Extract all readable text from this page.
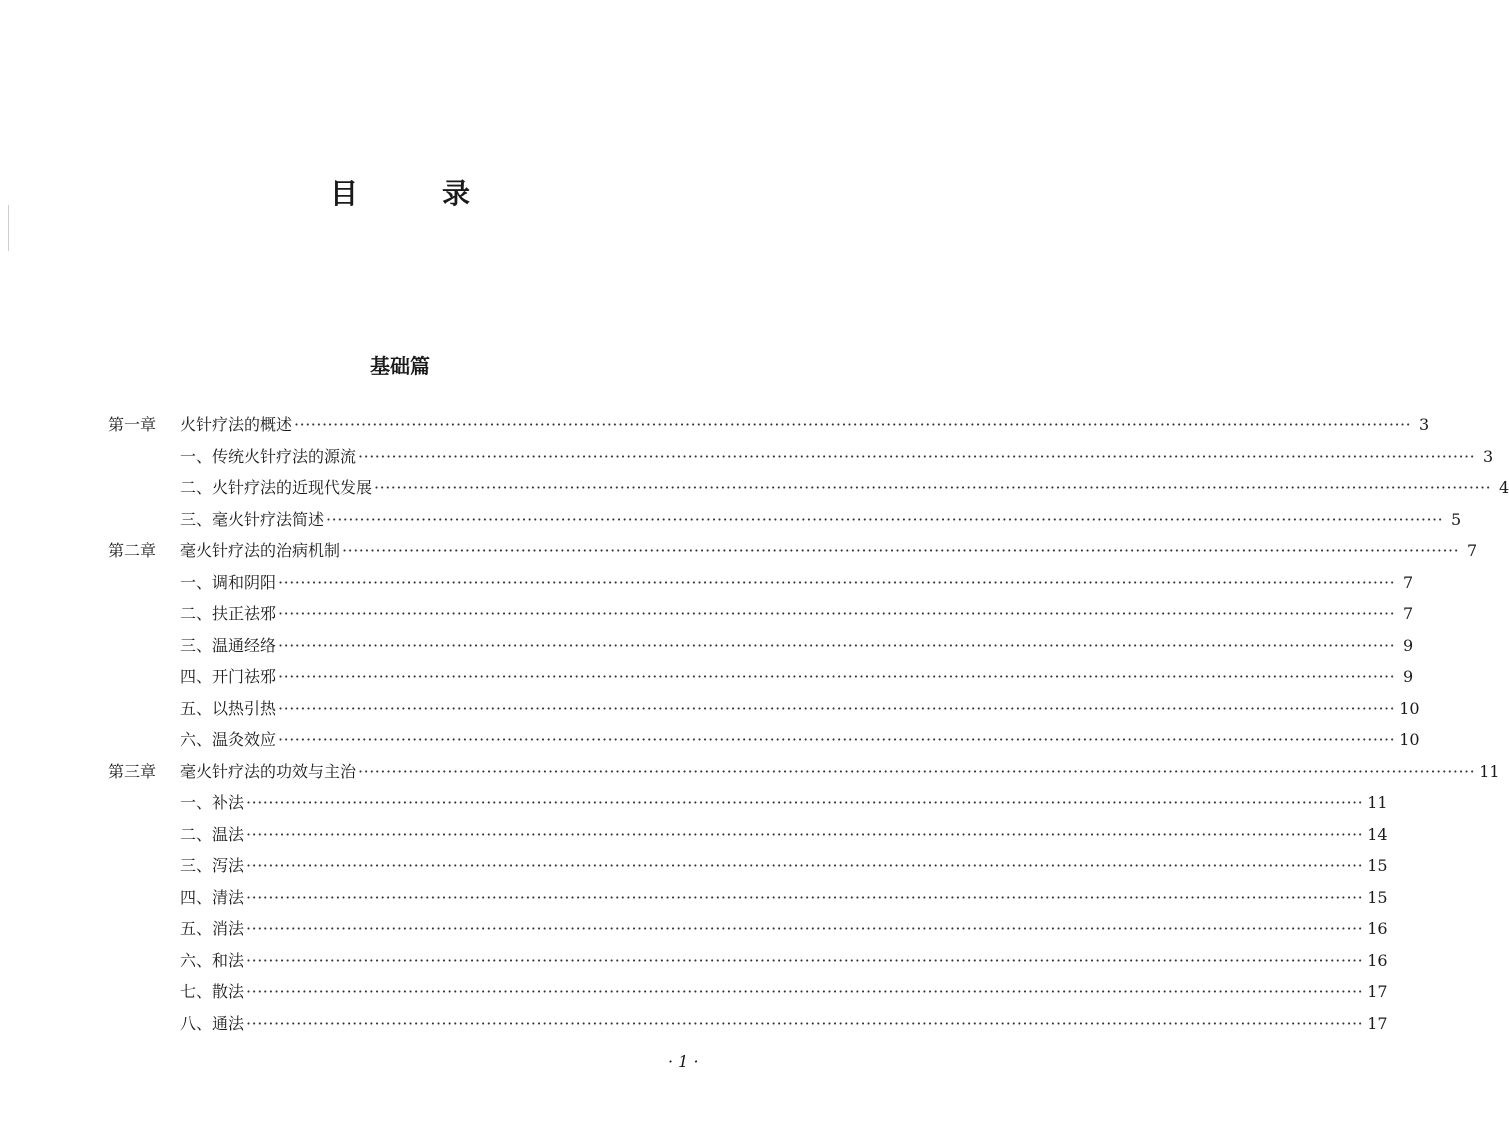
目　录
基础篇
第一章	火针疗法的概述 ········································································································································································································ 3
一、传统火针疗法的源流 ········································································································································································································ 3
二、火针疗法的近现代发展 ········································································································································································································ 4
三、毫火针疗法简述 ········································································································································································································ 5
第二章	毫火针疗法的治病机制 ········································································································································································································ 7
一、调和阴阳 ········································································································································································································ 7
二、扶正祛邪 ········································································································································································································ 7
三、温通经络 ········································································································································································································ 9
四、开门祛邪 ········································································································································································································ 9
五、以热引热 ········································································································································································································ 10
六、温灸效应 ········································································································································································································ 10
第三章	毫火针疗法的功效与主治 ········································································································································································································ 11
一、补法 ········································································································································································································ 11
二、温法 ········································································································································································································ 14
三、泻法 ········································································································································································································ 15
四、清法 ········································································································································································································ 15
五、消法 ········································································································································································································ 16
六、和法 ········································································································································································································ 16
七、散法 ········································································································································································································ 17
八、通法 ········································································································································································································ 17
· 1 ·
